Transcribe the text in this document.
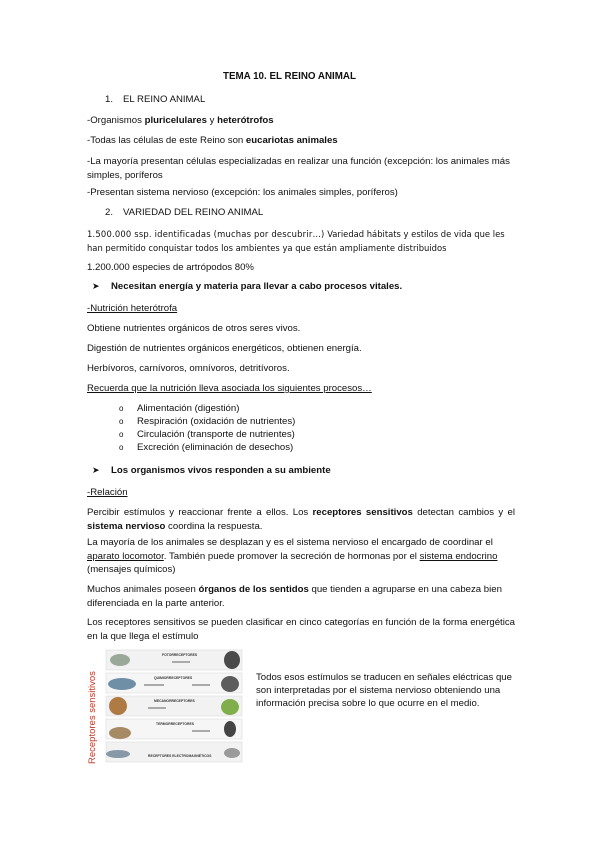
TEMA 10. EL REINO ANIMAL
1. EL REINO ANIMAL
-Organismos pluricelulares y heterótrofos
-Todas las células de este Reino son eucariotas animales
-La mayoría presentan células especializadas en realizar una función (excepción: los animales más simples, poríferos
-Presentan sistema nervioso (excepción: los animales simples, poríferos)
2. VARIEDAD DEL REINO ANIMAL
1.500.000 ssp. identificadas (muchas por descubrir…) Variedad hábitats y estilos de vida que les han permitido conquistar todos los ambientes ya que están ampliamente distribuidos
1.200.000 especies de artrópodos 80%
➤ Necesitan energía y materia para llevar a cabo procesos vitales.
-Nutrición heterótrofa
Obtiene nutrientes orgánicos de otros seres vivos.
Digestión de nutrientes orgánicos energéticos, obtienen energía.
Herbívoros, carnívoros, omnívoros, detritívoros.
Recuerda que la nutrición lleva asociada los siguientes procesos…
o Alimentación (digestión)
o Respiración (oxidación de nutrientes)
o Circulación (transporte de nutrientes)
o Excreción (eliminación de desechos)
➤ Los organismos vivos responden a su ambiente
-Relación
Percibir estímulos y reaccionar frente a ellos. Los receptores sensitivos detectan cambios y el sistema nervioso coordina la respuesta.
La mayoría de los animales se desplazan y es el sistema nervioso el encargado de coordinar el aparato locomotor. También puede promover la secreción de hormonas por el sistema endocrino (mensajes químicos)
Muchos animales poseen órganos de los sentidos que tienden a agruparse en una cabeza bien diferenciada en la parte anterior.
Los receptores sensitivos se pueden clasificar en cinco categorías en función de la forma energética en la que llega el estímulo
Receptores sensitivos
FOTORRECEPTORES
QUIMIORRECEPTORES
MECANORRECEPTORES
TERMORRECEPTORES
RECEPTORES ELECTROMAGNÉTICOS
Todos esos estímulos se traducen en señales eléctricas que son interpretadas por el sistema nervioso obteniendo una información precisa sobre lo que ocurre en el medio.
